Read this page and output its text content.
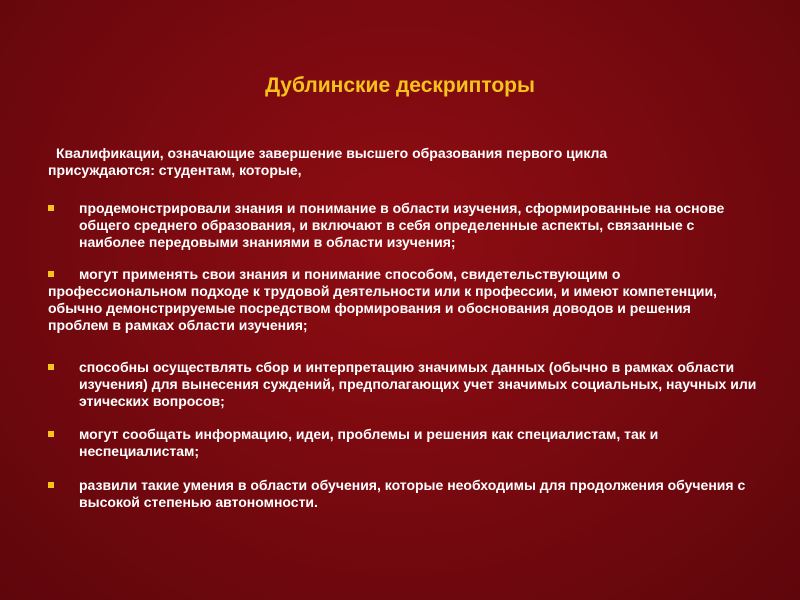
Дублинские дескрипторы
Квалификации, означающие завершение высшего образования первого цикла
присуждаются: студентам, которые,
продемонстрировали знания и понимание в области изучения, сформированные на основе общего среднего образования, и включают в себя определенные аспекты, связанные с наиболее передовыми знаниями в области изучения;
могут применять свои знания и понимание способом, свидетельствующим о профессиональном подходе к трудовой деятельности или к профессии, и имеют компетенции, обычно демонстрируемые посредством формирования и обоснования доводов и решения проблем в рамках области изучения;
способны осуществлять сбор и интерпретацию значимых данных (обычно в рамках области изучения) для вынесения суждений, предполагающих учет значимых социальных, научных или этических вопросов;
могут сообщать информацию, идеи, проблемы и решения как специалистам, так и неспециалистам;
развили такие умения в области обучения, которые необходимы для продолжения обучения с высокой степенью автономности.
